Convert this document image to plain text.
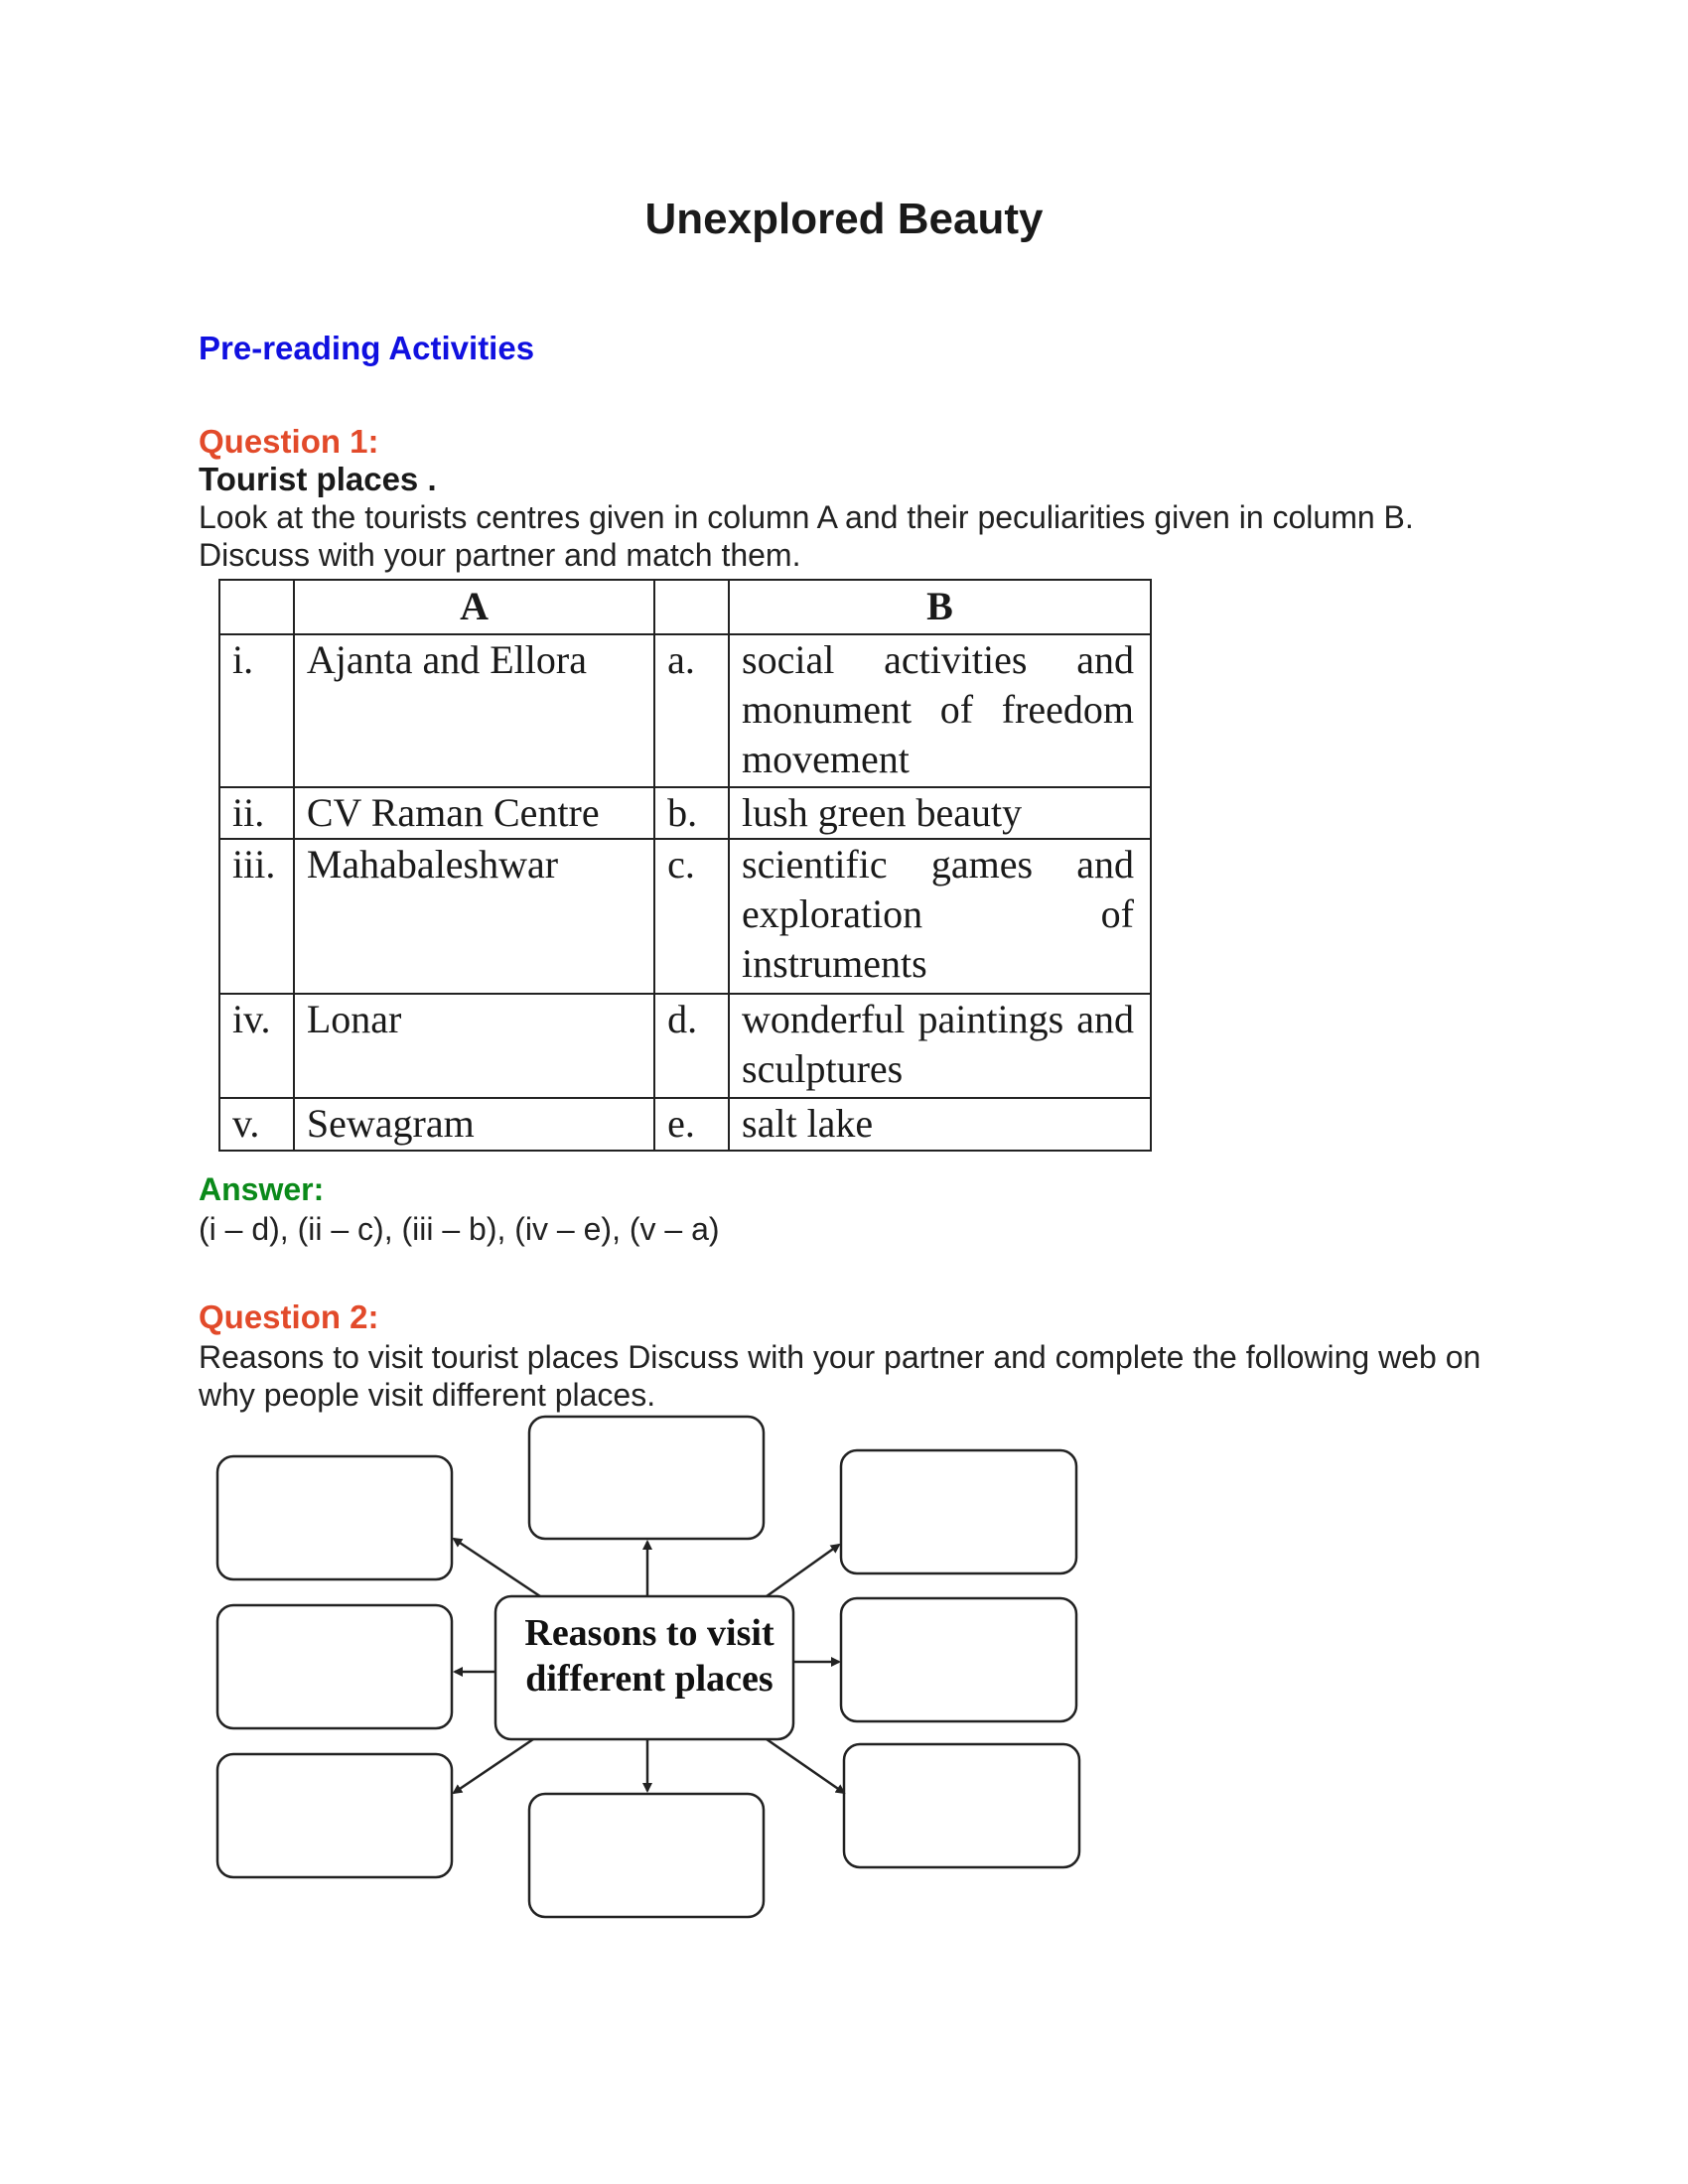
Unexplored Beauty
Pre-reading Activities
Question 1:
Tourist places .
Look at the tourists centres given in column A and their peculiarities given in column B. Discuss with your partner and match them.
	A		B
i.	Ajanta and Ellora	a.	social activities and monument of freedom movement
ii.	CV Raman Centre	b.	lush green beauty
iii.	Mahabaleshwar	c.	scientific games and exploration of instruments
iv.	Lonar	d.	wonderful paintings and sculptures
v.	Sewagram	e.	salt lake
Answer:
(i – d), (ii – c), (iii – b), (iv – e), (v – a)
Question 2:
Reasons to visit tourist places Discuss with your partner and complete the following web on why people visit different places.
Reasons to visit
different places
